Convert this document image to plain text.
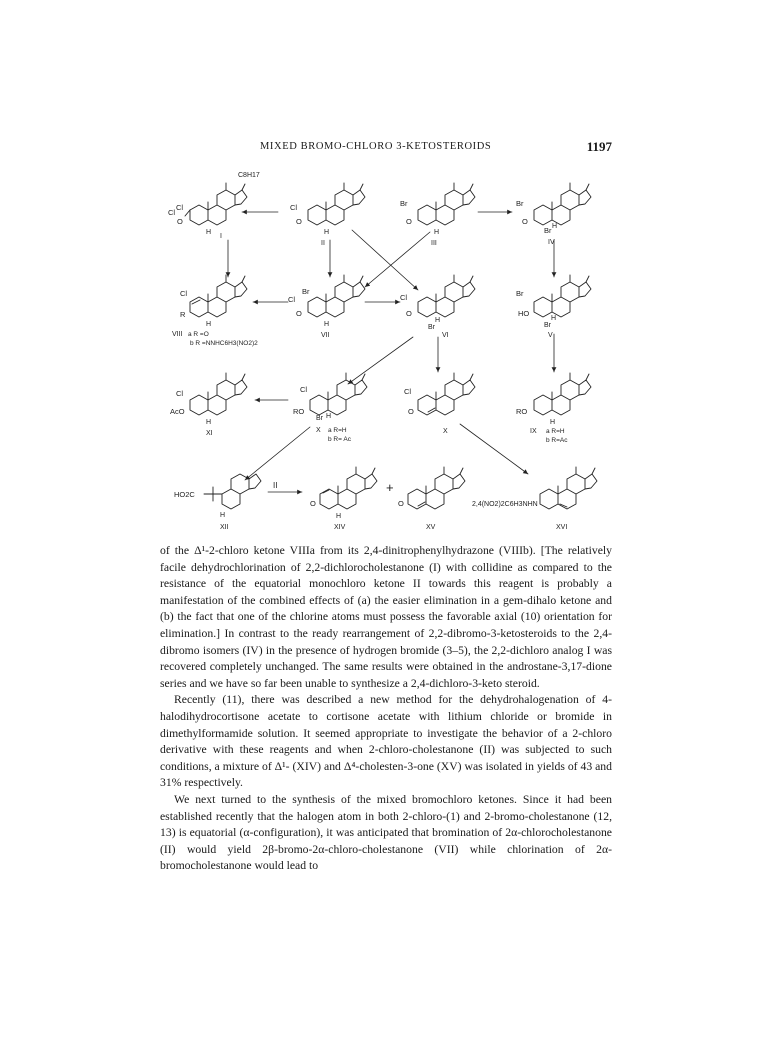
MIXED BROMO-CHLORO 3-KETOSTEROIDS	1197
Cl
Cl
O
H
C8H17
I
Cl
O
H
II
Br
O
H
III
Br
O
Br H
IV
Cl
R
H
VIII a R =O
b R =NNHC6H3(NO2)2
Cl
Br
O
H
VII
Cl
O
Br
H
VI
Br
HO
Br
H
V
Cl
AcO
H
XI
Cl
RO
Br H
X a R=H
b R= Ac
Cl
O
X
RO
H
IX a R=H
b R=Ac
HO2C
H
XII
II
O
H
XIV
+
O
XV
2,4(NO2)2C6H3NHN
XVI

of the Δ¹-2-chloro ketone VIIIa from its 2,4-dinitrophenylhydrazone (VIIIb). [The relatively facile dehydrochlorination of 2,2-dichlorocholestanone (I) with collidine as compared to the resistance of the equatorial monochloro ketone II towards this reagent is probably a manifestation of the combined effects of (a) the easier elimination in a gem-dihalo ketone and (b) the fact that one of the chlorine atoms must possess the favorable axial (10) orientation for elimination.] In contrast to the ready rearrangement of 2,2-dibromo-3-ketosteroids to the 2,4-dibromo isomers (IV) in the presence of hydrogen bromide (3–5), the 2,2-dichloro analog I was recovered completely unchanged. The same results were obtained in the androstane-3,17-dione series and we have so far been unable to synthesize a 2,4-dichloro-3-keto steroid.

Recently (11), there was described a new method for the dehydrohalogenation of 4-halodihydrocortisone acetate to cortisone acetate with lithium chloride or bromide in dimethylformamide solution. It seemed appropriate to investigate the behavior of a 2-chloro derivative with these reagents and when 2-chloro-cholestanone (II) was subjected to such conditions, a mixture of Δ¹- (XIV) and Δ⁴-cholesten-3-one (XV) was isolated in yields of 43 and 31% respectively.

We next turned to the synthesis of the mixed bromochloro ketones. Since it had been established recently that the halogen atom in both 2-chloro-(1) and 2-bromo-cholestanone (12, 13) is equatorial (α-configuration), it was anticipated that bromination of 2α-chlorocholestanone (II) would yield 2β-bromo-2α-chloro-cholestanone (VII) while chlorination of 2α-bromocholestanone would lead to
